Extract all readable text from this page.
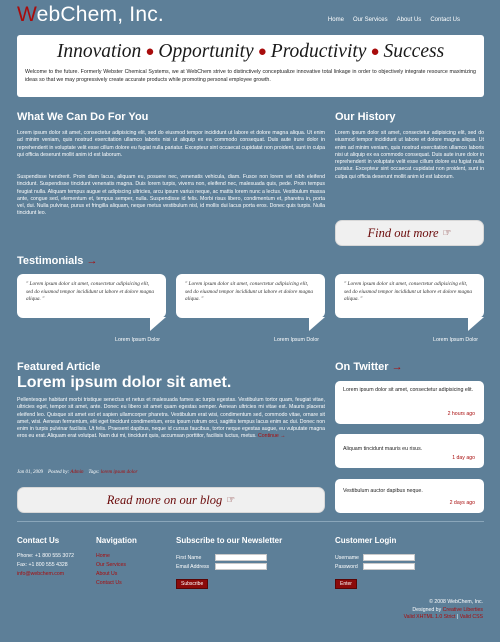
WebChem, Inc.	Home Our Services About Us Contact Us
Innovation ● Opportunity ● Productivity ● Success
Welcome to the future. Formerly Webster Chemical Systems, we at WebChem strive to distinctively conceptualize innovative total linkage in order to objectively integrate resource maximizing ideas so that we may progressively create accurate products while promoting personal employee growth.
What We Can Do For You
Lorem ipsum dolor sit amet, consectetur adipisicing elit, sed do eiusmod tempor incididunt ut labore et dolore magna aliqua. Ut enim ad minim veniam, quis nostrud exercitation ullamco laboris nisi ut aliquip ex ea commodo consequat. Duis aute irure dolor in reprehenderit in voluptate velit esse cillum dolore eu fugiat nulla pariatur. Excepteur sint occaecat cupidatat non proident, sunt in culpa qui officia deserunt mollit anim id est laborum.
Suspendisse hendrerit. Proin diam lacus, aliquam eu, posuere nec, venenatis vehicula, diam. Fusce non lorem vel nibh eleifend tincidunt. Suspendisse tincidunt venenatis magna. Duis lorem turpis, viverra non, eleifend nec, malesuada quis, pede. Proin tempus feugiat nulla. Aliquam tempus augue et adipiscing ultricies, arcu ipsum varius neque, ac mattis lorem nunc a lectus. Vestibulum massa ante, congue sed, elementum et, tempus semper, nulla. Suspendisse id felis. Morbi risus libero, condimentum et, pharetra in, porta vel, dui. Nulla pulvinar, purus et fringilla aliquam, neque metus vestibulum nisl, id mollis dui lacus porta eros. Donec quis turpis. Nulla tincidunt leo.
Our History
Lorem ipsum dolor sit amet, consectetur adipisicing elit, sed do eiusmod tempor incididunt ut labore et dolore magna aliqua. Ut enim ad minim veniam, quis nostrud exercitation ullamco laboris nisi ut aliquip ex ea commodo consequat. Duis aute irure dolor in reprehenderit in voluptate velit esse cillum dolore eu fugiat nulla pariatur. Excepteur sint occaecat cupidatat non proident, sunt in culpa qui officia deserunt mollit anim id est laborum.
Find out more ☞
Testimonials →
" Lorem ipsum dolor sit amet, consectetur adipisicing elit, sed do eiusmod tempor incididunt ut labore et dolore magna aliqua. "
Lorem Ipsum Dolor
" Lorem ipsum dolor sit amet, consectetur adipisicing elit, sed do eiusmod tempor incididunt ut labore et dolore magna aliqua. "
Lorem Ipsum Dolor
" Lorem ipsum dolor sit amet, consectetur adipisicing elit, sed do eiusmod tempor incididunt ut labore et dolore magna aliqua. "
Lorem Ipsum Dolor
Featured Article
Lorem ipsum dolor sit amet.
Pellentesque habitant morbi tristique senectus et netus et malesuada fames ac turpis egestas. Vestibulum tortor quam, feugiat vitae, ultricies eget, tempor sit amet, ante. Donec eu libero sit amet quam egestas semper. Aenean ultricies mi vitae est. Mauris placerat eleifend leo. Quisque sit amet est et sapien ullamcorper pharetra. Vestibulum erat wisi, condimentum sed, commodo vitae, ornare sit amet, wisi. Aenean fermentum, elit eget tincidunt condimentum, eros ipsum rutrum orci, sagittis tempus lacus enim ac dui. Donec non enim in turpis pulvinar facilisis. Ut felis. Praesent dapibus, neque id cursus faucibus, tortor neque egestas augue, eu vulputate magna eros eu erat. Aliquam erat volutpat. Nam dui mi, tincidunt quis, accumsan porttitor, facilisis luctus, metus. Continue →
Jan 01, 2009 Posted by: Admin Tags: lorem ipsum dolor
Read more on our blog ☞
On Twitter →
Lorem ipsum dolor sit amet, consectetur adipisicing elit.
2 hours ago
Aliquam tincidunt mauris eu risus.
1 day ago
Vestibulum auctor dapibus neque.
2 days ago
Contact Us
Phone: +1 800 555 3072
Fax: +1 800 555 4328
info@webchem.com
Navigation
Home
Our Services
About Us
Contact Us
Subscribe to our Newsletter
First Name
Email Address
Subscribe
Customer Login
Username
Password
Enter
© 2008 WebChem, Inc.
Designed by Creative Liberties
Valid XHTML 1.0 Strict | Valid CSS
